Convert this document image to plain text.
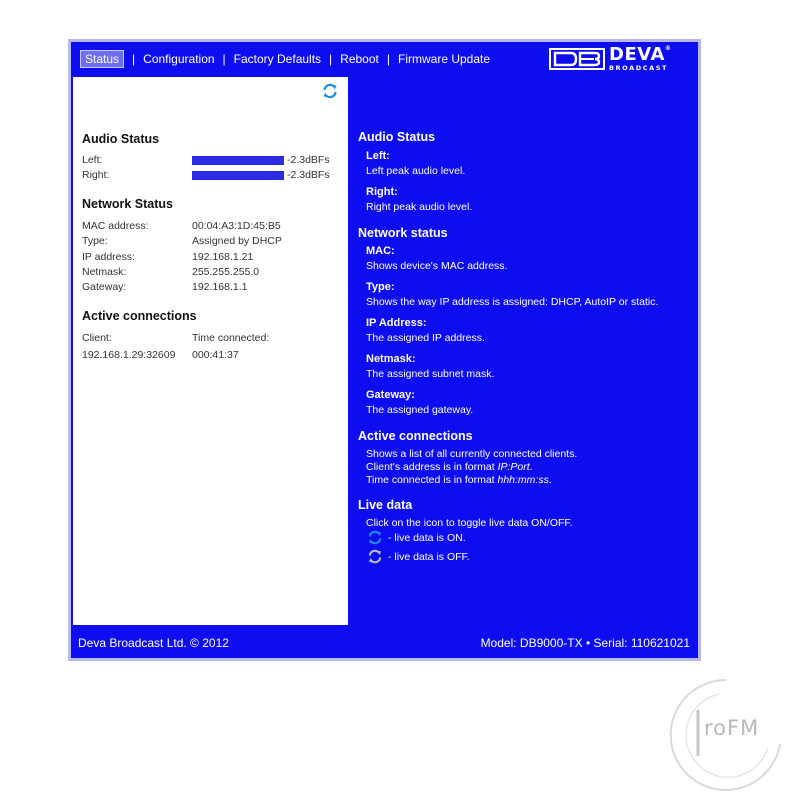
Status	| Configuration | Factory Defaults | Reboot | Firmware Update	DEVA®
BROADCAST
Audio Status
Left:	-2.3dBFs
Right:	-2.3dBFs
Network Status
MAC address:	00:04:A3:1D:45:B5
Type:	Assigned by DHCP
IP address:	192.168.1.21
Netmask:	255.255.255.0
Gateway:	192.168.1.1
Active connections
Client:	Time connected:
192.168.1.29:32609	000:41:37
Audio Status
Left:
Left peak audio level.
Right:
Right peak audio level.
Network status
MAC:
Shows device's MAC address.
Type:
Shows the way IP address is assigned: DHCP, AutoIP or static.
IP Address:
The assigned IP address.
Netmask:
The assigned subnet mask.
Gateway:
The assigned gateway.
Active connections
Shows a list of all currently connected clients.
Client's address is in format IP:Port.
Time connected is in format hhh:mm:ss.
Live data
Click on the icon to toggle live data ON/OFF.
- live data is ON.
- live data is OFF.
Deva Broadcast Ltd. © 2012	Model: DB9000-TX • Serial: 110621021
roFM
